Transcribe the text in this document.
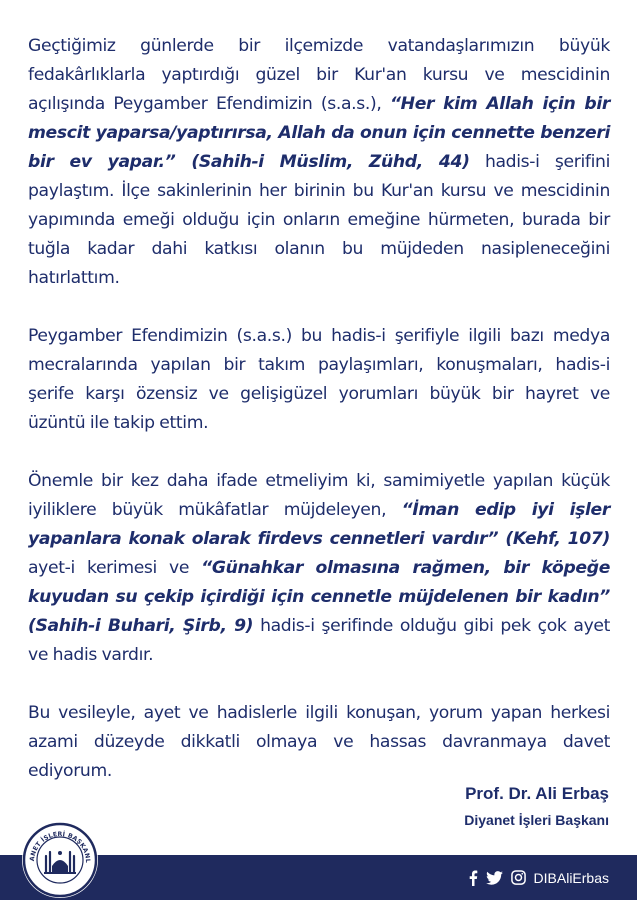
Geçtiğimiz günlerde bir ilçemizde vatandaşlarımızın büyük fedakârlıklarla yaptırdığı güzel bir Kur'an kursu ve mescidinin açılışında Peygamber Efendimizin (s.a.s.), “Her kim Allah için bir mescit yaparsa/yaptırırsa, Allah da onun için cennette benzeri bir ev yapar.” (Sahih-i Müslim, Zühd, 44) hadis-i şerifini paylaştım. İlçe sakinlerinin her birinin bu Kur'an kursu ve mescidinin yapımında emeği olduğu için onların emeğine hürmeten, burada bir tuğla kadar dahi katkısı olanın bu müjdeden nasipleneceğini hatırlattım.

Peygamber Efendimizin (s.a.s.) bu hadis-i şerifiyle ilgili bazı medya mecralarında yapılan bir takım paylaşımları, konuşmaları, hadis-i şerife karşı özensiz ve gelişigüzel yorumları büyük bir hayret ve üzüntü ile takip ettim.

Önemle bir kez daha ifade etmeliyim ki, samimiyetle yapılan küçük iyiliklere büyük mükâfatlar müjdeleyen, “İman edip iyi işler yapanlara konak olarak firdevs cennetleri vardır” (Kehf, 107) ayet-i kerimesi ve “Günahkar olmasına rağmen, bir köpeğe kuyudan su çekip içirdiği için cennetle müjdelenen bir kadın” (Sahih-i Buhari, Şirb, 9) hadis-i şerifinde olduğu gibi pek çok ayet ve hadis vardır.

Bu vesileyle, ayet ve hadislerle ilgili konuşan, yorum yapan herkesi azami düzeyde dikkatli olmaya ve hassas davranmaya davet ediyorum.

Prof. Dr. Ali Erbaş
Diyanet İşleri Başkanı
DIBAliErbas
ANET İŞLERİ BAŞKANL
